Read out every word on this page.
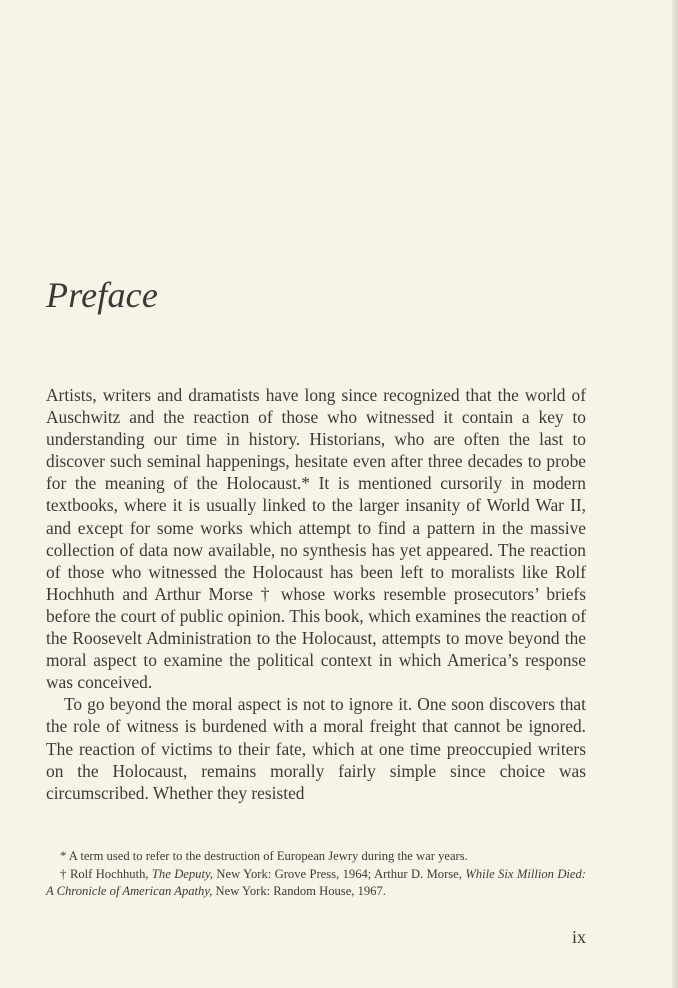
Preface

Artists, writers and dramatists have long since recognized that the world of Auschwitz and the reaction of those who witnessed it contain a key to understanding our time in history. Historians, who are often the last to discover such seminal happenings, hesitate even after three decades to probe for the meaning of the Holocaust.* It is mentioned cursorily in modern textbooks, where it is usually linked to the larger insanity of World War II, and except for some works which attempt to find a pattern in the massive collection of data now available, no synthesis has yet appeared. The reaction of those who witnessed the Holocaust has been left to moralists like Rolf Hochhuth and Arthur Morse † whose works resemble prosecutors’ briefs before the court of public opinion. This book, which examines the reaction of the Roosevelt Administration to the Holocaust, attempts to move beyond the moral aspect to examine the political context in which America’s response was conceived.

To go beyond the moral aspect is not to ignore it. One soon discovers that the role of witness is burdened with a moral freight that cannot be ignored. The reaction of victims to their fate, which at one time preoccupied writers on the Holocaust, remains morally fairly simple since choice was circumscribed. Whether they resisted

* A term used to refer to the destruction of European Jewry during the war years.

† Rolf Hochhuth, The Deputy, New York: Grove Press, 1964; Arthur D. Morse, While Six Million Died: A Chronicle of American Apathy, New York: Random House, 1967.

ix
